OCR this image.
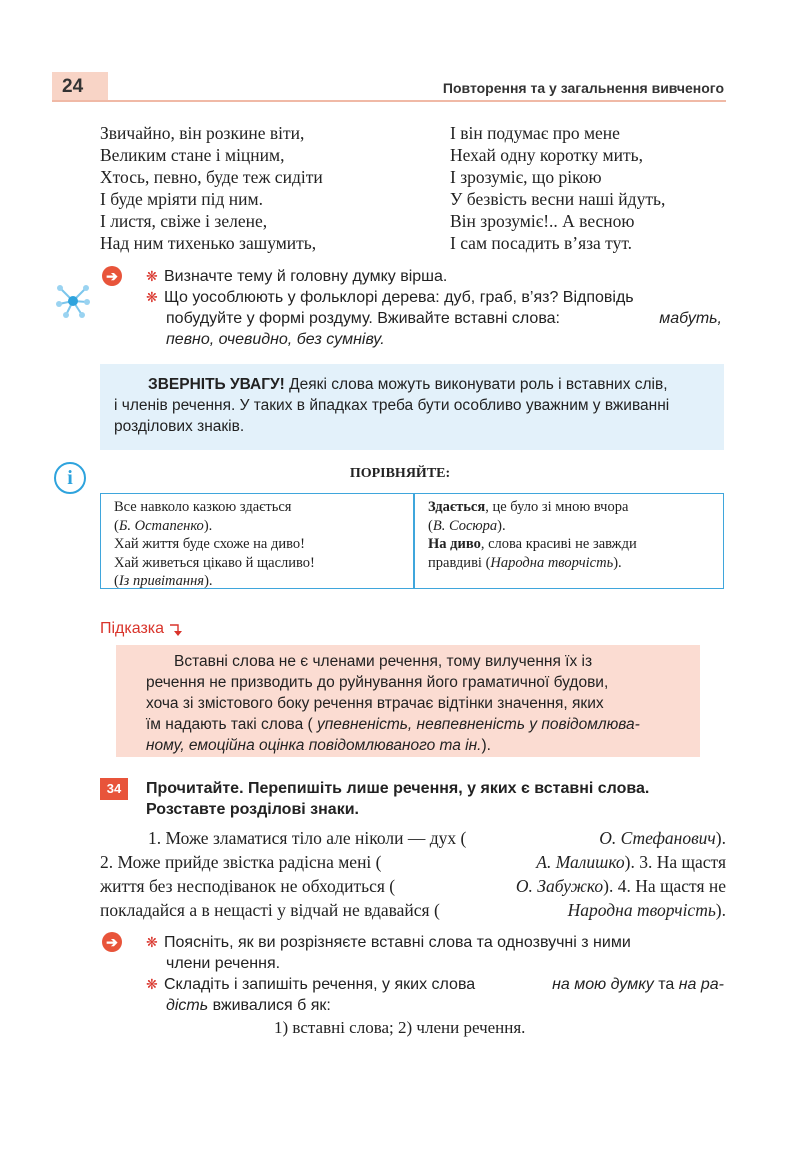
24	Повторення та у загальнення вивченого
Звичайно, він розкине віти,
Великим стане і міцним,
Хтось, певно, буде теж сидіти
І буде мріяти під ним.
І листя, свіже і зелене,
Над ним тихенько зашумить,
І він подумає про мене
Нехай одну коротку мить,
І зрозуміє, що рікою
У безвість весни наші йдуть,
Він зрозуміє!.. А весною
І сам посадить в’яза тут.
➔ ❋ Визначте тему й головну думку вірша.
❋ Що уособлюють у фольклорі дерева: дуб, граб, в’яз? Відповідь
побудуйте у формі роздуму. Вживайте вставні слова:	мабуть,
певно, очевидно, без сумніву.
ЗВЕРНІТЬ УВАГУ! Деякі слова можуть виконувати роль і вставних слів,
і членів речення. У таких в йпадках треба бути особливо уважним у вживанні
розділових знаків.
i	ПОРІВНЯЙТЕ:
Все навколо казкою здається
(Б. Остапенко).
Хай життя буде схоже на диво!
Хай живеться цікаво й щасливо!
(Із привітання).
Здається, це було зі мною вчора
(В. Сосюра).
На диво, слова красиві не завжди
правдиві (Народна творчість).
Підказка
Вставні слова не є членами речення, тому вилучення їх із
речення не призводить до руйнування його граматичної будови,
хоча зі змістового боку речення втрачає відтінки значення, яких
їм надають такі слова ( упевненість, невпевненість у повідомлюва-
ному, емоційна оцінка повідомлюваного та ін.).
34	Прочитайте. Перепишіть лише речення, у яких є вставні слова.
Розставте розділові знаки.

1. Може зламатися тіло але ніколи — дух (	О. Стефанович).

2. Може прийде звістка радісна мені (	А. Малишко). 3. На щастя

життя без несподіванок не обходиться (	О. Забужко). 4. На щастя не

покладайся а в нещасті у відчай не вдавайся (	Народна творчість).

➔ ❋ Поясніть, як ви розрізняєте вставні слова та однозвучні з ними
члени речення.
❋ Складіть і запишіть речення, у яких слова	на мою думку та на ра-
дість вживалися б як:
1) вставні слова; 2) члени речення.
